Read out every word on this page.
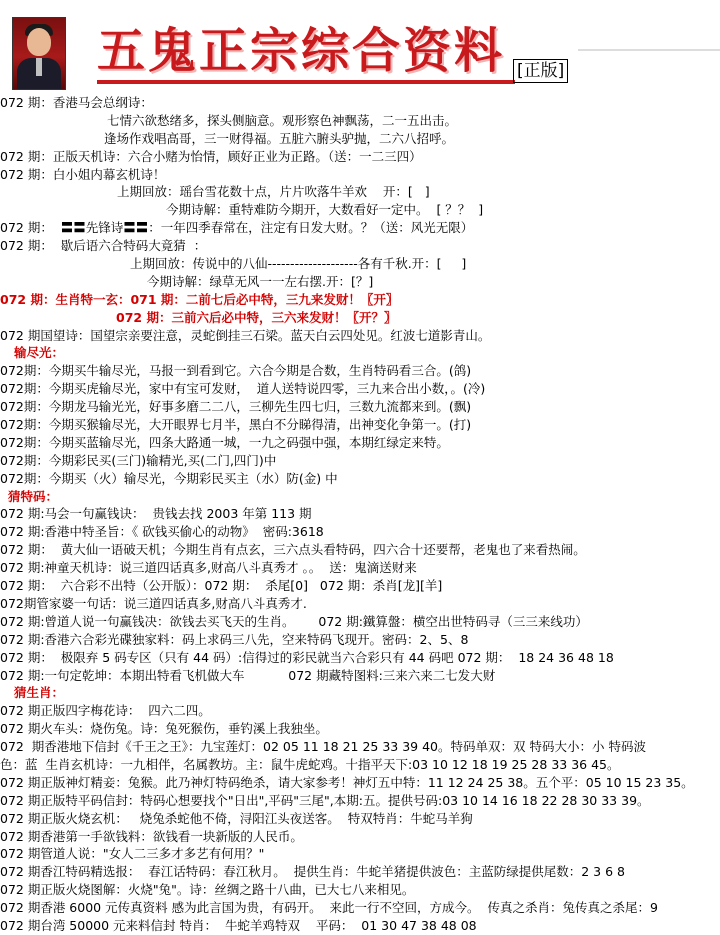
五鬼正宗综合资料 [正版]
072 期：香港马会总纲诗：
七情六欲愁绪多，探头侧脑意。观形察色神飘荡，二一五出击。
逢场作戏唱高哥，三一财得福。五脏六腑头驴抛，二六八招呼。
072 期：正版天机诗：六合小赌为怡情，顾好正业为正路。（送：一二三四）
072 期：白小姐内幕玄机诗！
上期回放：瑶台雪花数十点，片片吹落牛羊欢    开：[   ]
今期诗解：重特难防今期开，大数看好一定中。  [ ？？  ]
072 期：  〓〓先锋诗〓〓：一年四季春常在，注定有日发大财。？（送：风光无限）
072 期：  歇后语六合特码大竟猜  ：
上期回放：传说中的八仙--------------------各有千秋.开：[     ]
今期诗解：绿草无风一一左右摆.开：[？]
072 期：生肖特一玄：071 期：二前七后必中特，三九来发财！〖开〗
072 期：三前六后必中特，三六来发财！〖开？〗
072 期国望诗：国望宗亲要注意，灵蛇倒挂三石梁。蓝天白云四处见。红波七道影青山。
输尽光：
072期：今期买牛输尽光，马报一到看到它。六合今期是合数，生肖特码看三合。(鸽)
072期：今期买虎输尽光，家中有宝可发财，  道人送特说四零，三九来合出小数，。(冷)
072期：今期龙马输光光，好事多磨二二八，三柳先生四七归，三数九流都来到。(飘)
072期：今期买猴输尽光，大开眼界七月半，黑白不分睇得清，出神变化争第一。(打)
072期：今期买蓝输尽光，四条大路通一城，一九之码强中强，本期红绿定来特。
072期：今期彩民买(三门)输精光,买(二门,四门)中
072期：今期买（火）输尽光，今期彩民买主（水）防(金) 中
猜特码：
072 期:马会一句赢钱诀：  贵钱去找 2003 年第 113 期
072 期:香港中特圣旨：《 砍钱买偷心的动物》  密码:3618
072 期：  黄大仙一语破天机；今期生肖有点玄，三六点头看特码，四六合十还要帮，老鬼也了来看热闹。
072 期:神童天机诗：说三道四话真多,财高八斗真秀才 。。  送：鬼滴送财来
072 期：  六合彩不出特（公开版）：072 期：  杀尾[0]   072 期：杀肖[龙][羊]
072期管家婆一句话：说三道四话真多,财高八斗真秀才.
072 期:曾道人说一句赢钱决：欲钱去买飞天的生肖。      072 期:鐵算盤：横空出世特码寻（三三来线功）
072 期:香港六合彩光碟独家料：码上求码三八先，空来特码飞现开。密码：2、5、8
072 期：  极限弃 5 码专区（只有 44 码）:信得过的彩民就当六合彩只有 44 码吧 072 期：  18 24 36 48 18
072 期:一句定乾坤：本期出特看飞机做大车           072 期藏特图料:三来六来二七发大财
猜生肖：
072 期正版四字梅花诗：  四六二四。
072 期火车头：烧伤兔。诗：兔死猴伤，垂钓溪上我独坐。
072  期香港地下信封《千王之王》：九宝莲灯：02 05 11 18 21 25 33 39 40。特码单双：双 特码大小：小 特码波
色：蓝  生肖玄机诗：一九相伴，名属教坊。主：鼠牛虎蛇鸡。十指平天下:03 10 12 18 19 25 28 33 36 45。
072 期正版神灯精妾：兔猴。此乃神灯特码绝杀，请大家参考！神灯五中特：11 12 24 25 38。五个平：05 10 15 23 35。
072 期正版特平码信封：特码心想要找个"日出",平码"三尾",本期:五。提供号码:03 10 14 16 18 22 28 30 33 39。
072 期正版火烧玄机：   烧兔杀蛇他不倚，浔阳江头夜送客。  特双特肖：牛蛇马羊狗
072 期香港第一手欲钱料：欲钱看一块新版的人民币。
072 期管道人说："女人二三多才多艺有何用？"
072 期香江特码精选报：  春江话特码：春江秋月。  提供生肖：牛蛇羊猪提供波色：主蓝防绿提供尾数：2 3 6 8
072 期正版火烧图解：火烧"兔"。诗：丝绸之路十八曲，已大七八来相见。
072 期香港 6000 元传真资料 感为此言国为贵，有码开。  来此一行不空回，方成今。  传真之杀肖：兔传真之杀尾：9
072 期台湾 50000 元来料信封 特肖：  牛蛇羊鸡特双    平码：  01 30 47 38 48 08
